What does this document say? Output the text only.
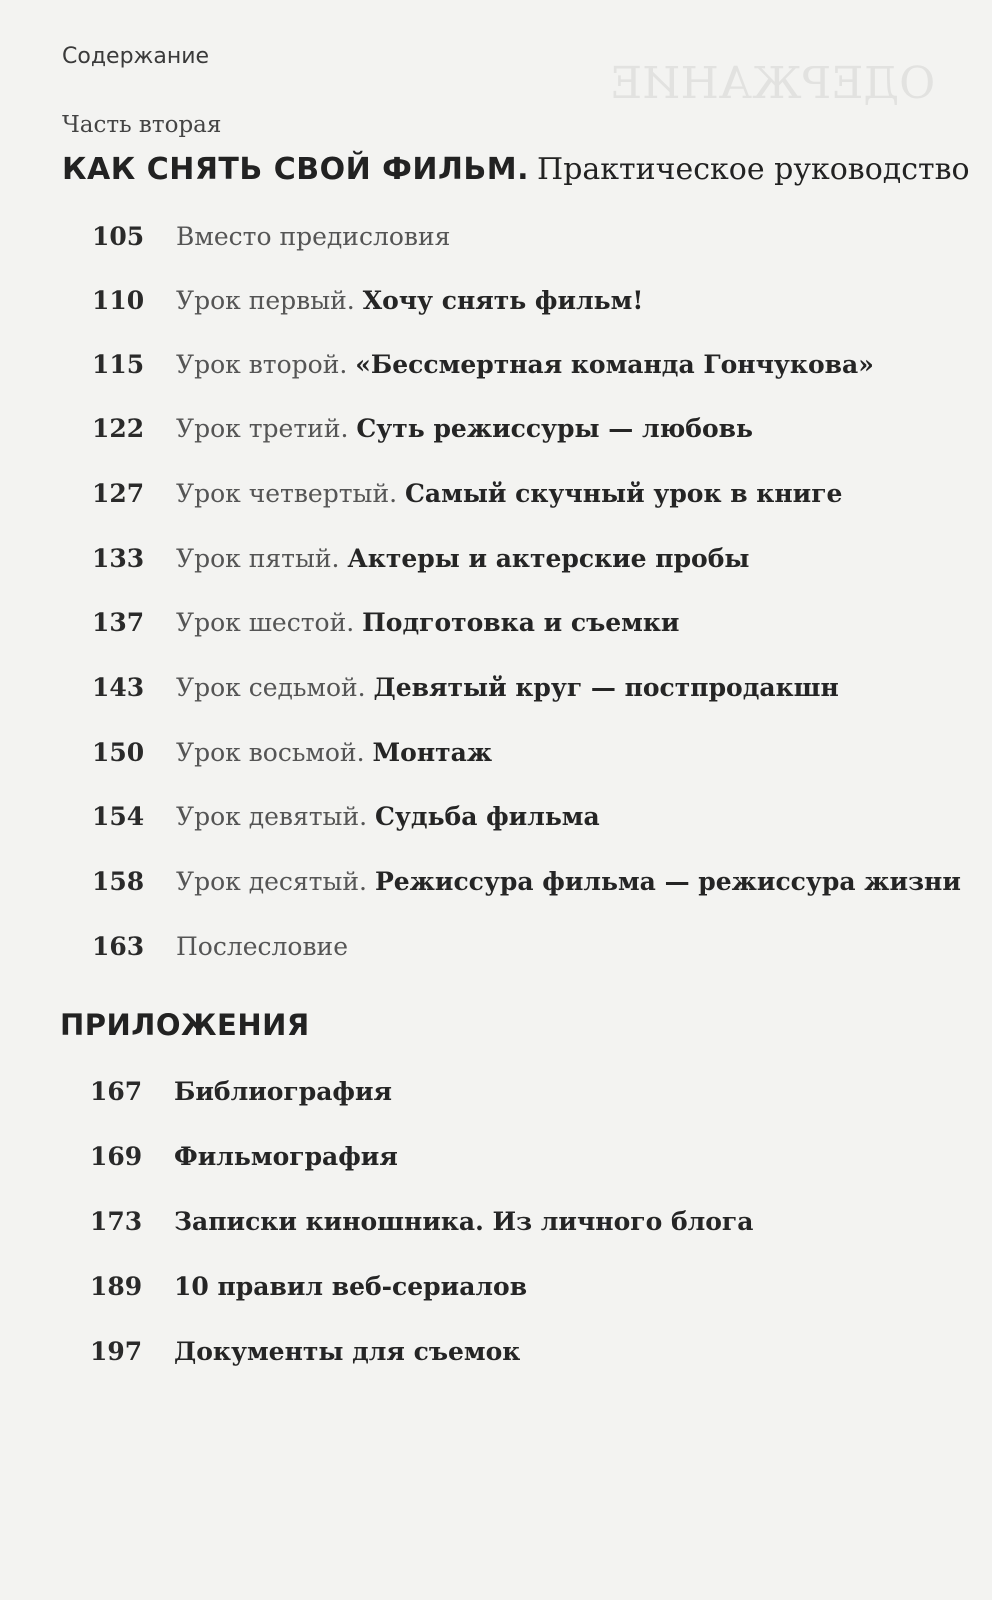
ОДЕРЖАНИЕ
Содержание
Часть вторая
КАК СНЯТЬ СВОЙ ФИЛЬМ. Практическое руководство
105 Вместо предисловия
110 Урок первый. Хочу снять фильм!
115 Урок второй. «Бессмертная команда Гончукова»
122 Урок третий. Суть режиссуры — любовь
127 Урок четвертый. Самый скучный урок в книге
133 Урок пятый. Актеры и актерские пробы
137 Урок шестой. Подготовка и съемки
143 Урок седьмой. Девятый круг — постпродакшн
150 Урок восьмой. Монтаж
154 Урок девятый. Судьба фильма
158 Урок десятый. Режиссура фильма — режиссура жизни
163 Послесловие
ПРИЛОЖЕНИЯ
167 Библиография
169 Фильмография
173 Записки киношника. Из личного блога
189 10 правил веб-сериалов
197 Документы для съемок
